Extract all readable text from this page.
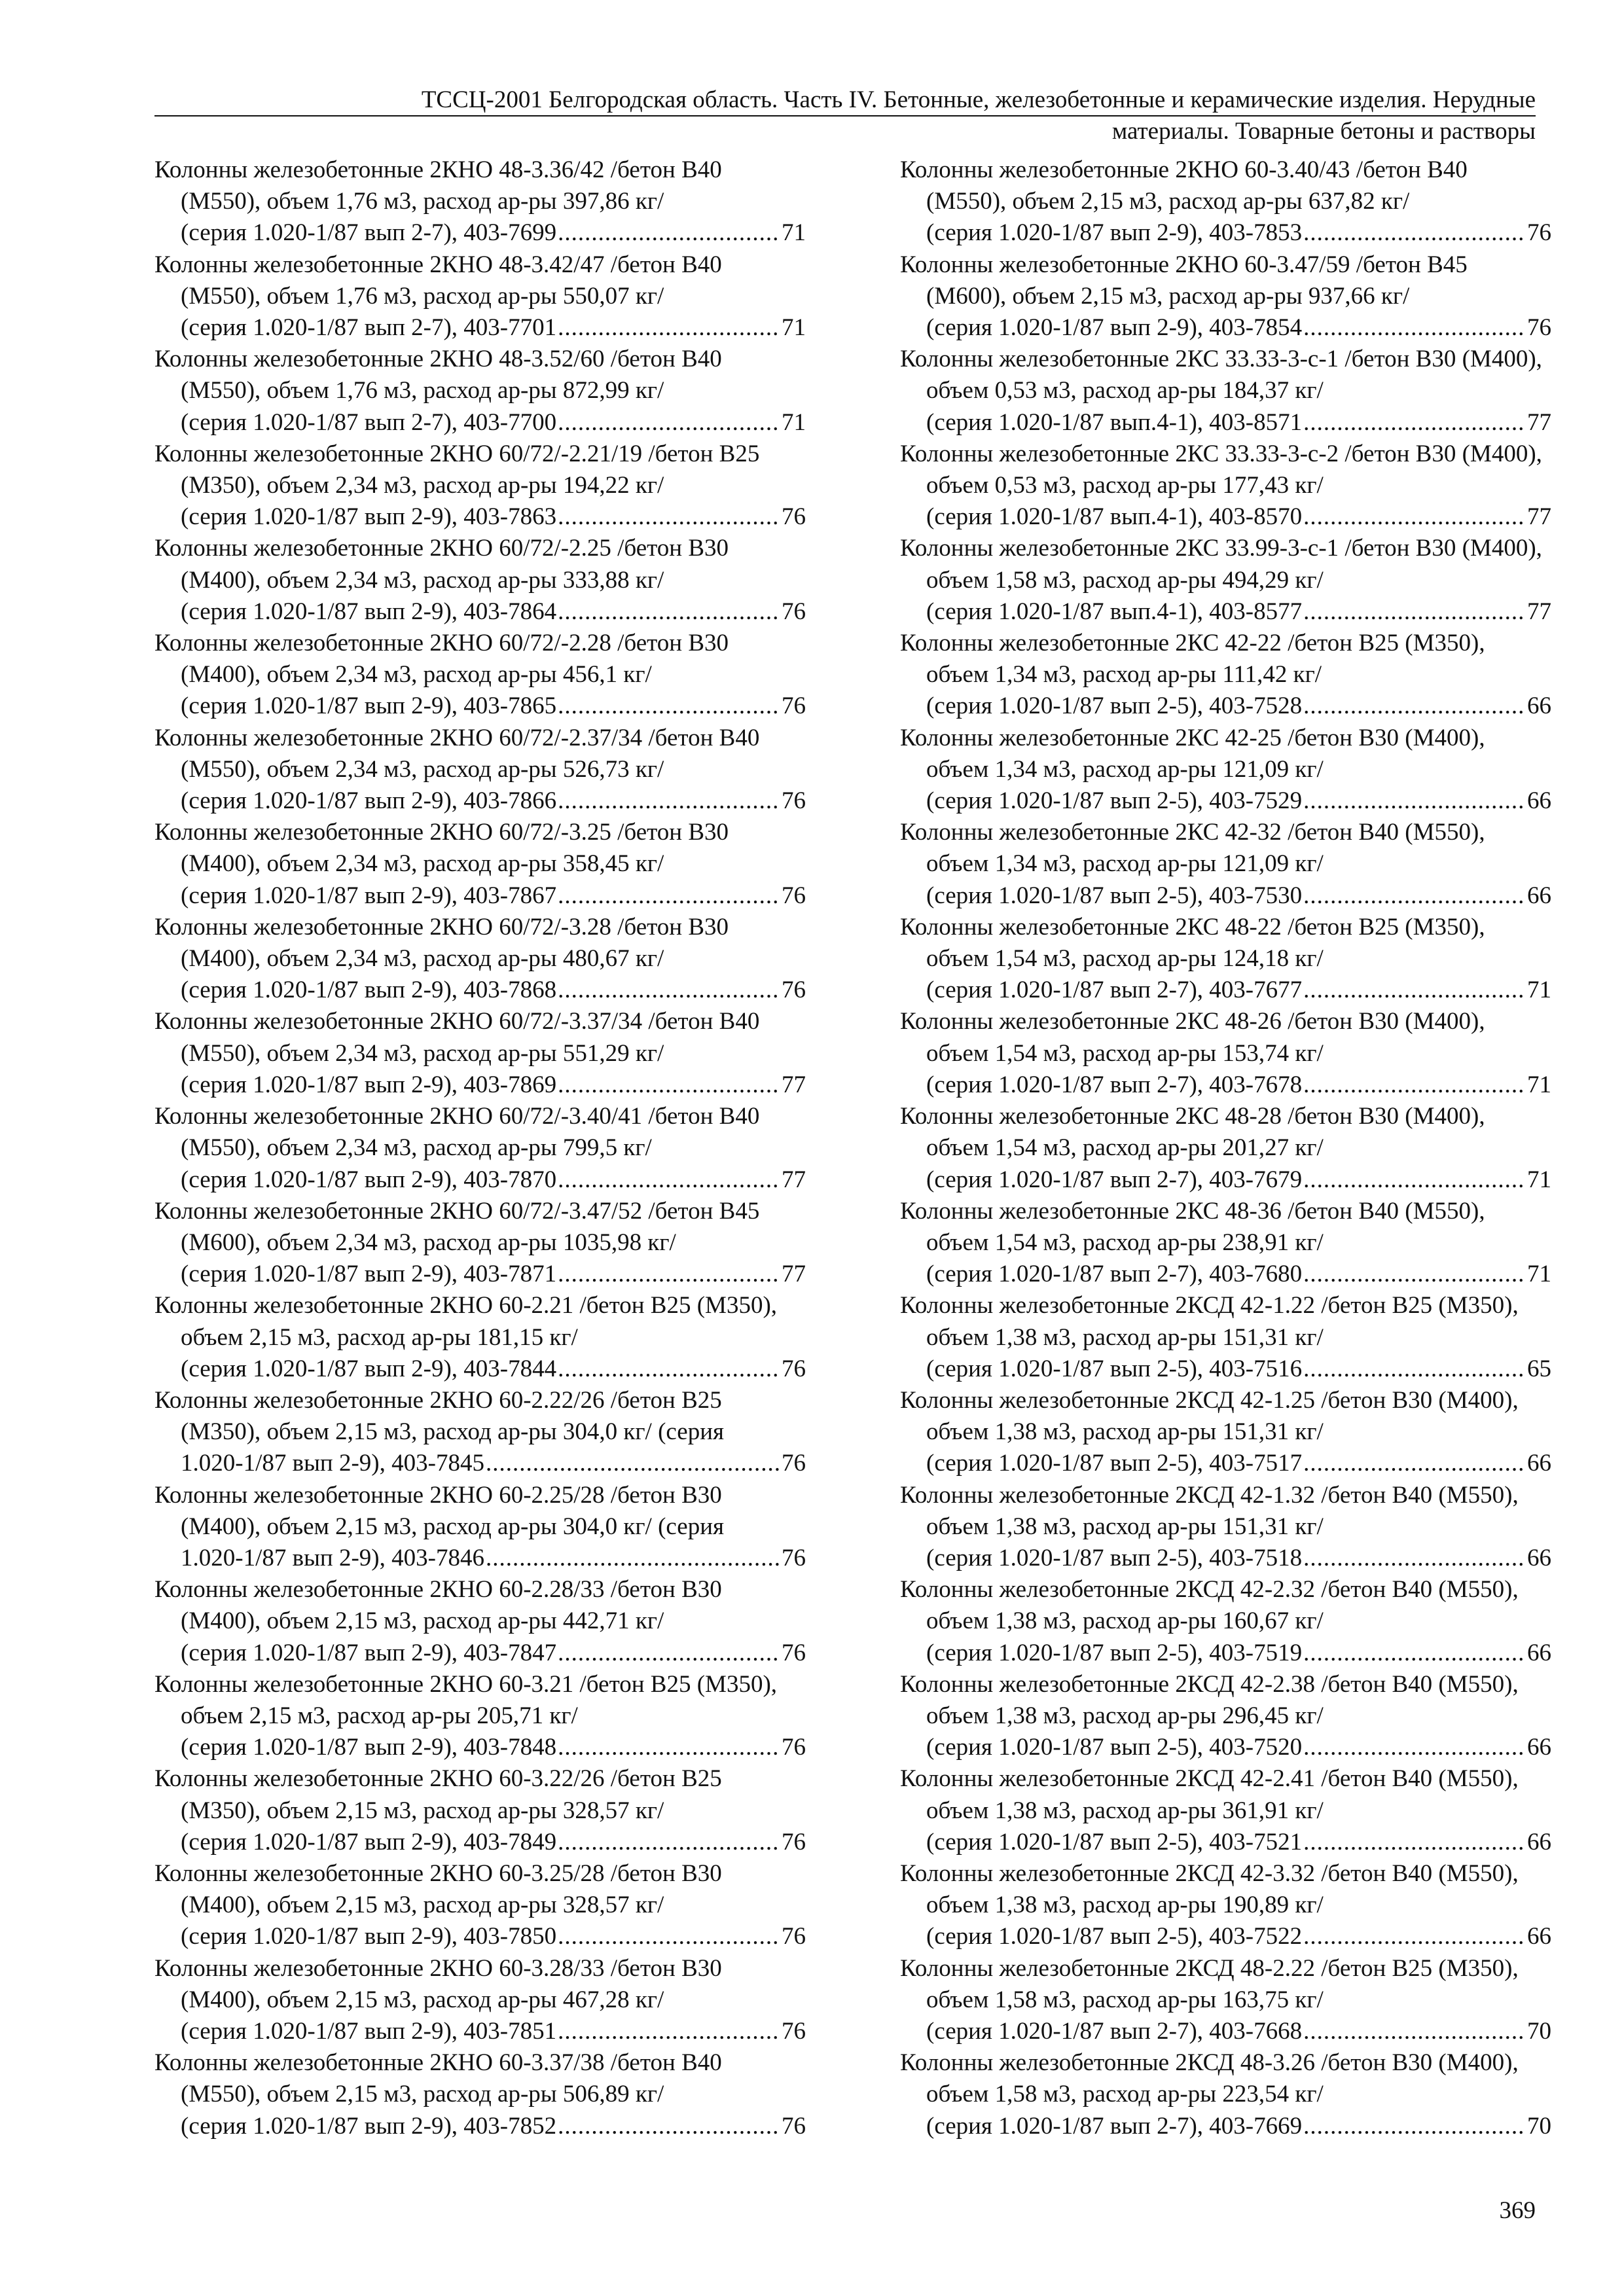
ТССЦ-2001 Белгородская область. Часть IV. Бетонные, железобетонные и керамические изделия. Нерудные
материалы. Товарные бетоны и растворы
Колонны железобетонные 2КНО 48-3.36/42 /бетон В40 (М550), объем 1,76 м3, расход ар-ры 397,86 кг/
(серия 1.020-1/87 вып 2-7), 403-7699 .....	71
Колонны железобетонные 2КНО 48-3.42/47 /бетон В40 (М550), объем 1,76 м3, расход ар-ры 550,07 кг/
(серия 1.020-1/87 вып 2-7), 403-7701 .....	71
Колонны железобетонные 2КНО 48-3.52/60 /бетон В40 (М550), объем 1,76 м3, расход ар-ры 872,99 кг/
(серия 1.020-1/87 вып 2-7), 403-7700 .....	71
Колонны железобетонные 2КНО 60/72/-2.21/19 /бетон В25 (М350), объем 2,34 м3, расход ар-ры 194,22 кг/
(серия 1.020-1/87 вып 2-9), 403-7863 .....	76
Колонны железобетонные 2КНО 60/72/-2.25 /бетон В30 (М400), объем 2,34 м3, расход ар-ры 333,88 кг/
(серия 1.020-1/87 вып 2-9), 403-7864 .....	76
Колонны железобетонные 2КНО 60/72/-2.28 /бетон В30 (М400), объем 2,34 м3, расход ар-ры 456,1 кг/
(серия 1.020-1/87 вып 2-9), 403-7865 .....	76
Колонны железобетонные 2КНО 60/72/-2.37/34 /бетон В40 (М550), объем 2,34 м3, расход ар-ры 526,73 кг/
(серия 1.020-1/87 вып 2-9), 403-7866 .....	76
Колонны железобетонные 2КНО 60/72/-3.25 /бетон В30 (М400), объем 2,34 м3, расход ар-ры 358,45 кг/
(серия 1.020-1/87 вып 2-9), 403-7867 .....	76
Колонны железобетонные 2КНО 60/72/-3.28 /бетон В30 (М400), объем 2,34 м3, расход ар-ры 480,67 кг/
(серия 1.020-1/87 вып 2-9), 403-7868 .....	76
Колонны железобетонные 2КНО 60/72/-3.37/34 /бетон В40 (М550), объем 2,34 м3, расход ар-ры 551,29 кг/
(серия 1.020-1/87 вып 2-9), 403-7869 .....	77
Колонны железобетонные 2КНО 60/72/-3.40/41 /бетон В40 (М550), объем 2,34 м3, расход ар-ры 799,5 кг/
(серия 1.020-1/87 вып 2-9), 403-7870 .....	77
Колонны железобетонные 2КНО 60/72/-3.47/52 /бетон В45 (М600), объем 2,34 м3, расход ар-ры 1035,98 кг/
(серия 1.020-1/87 вып 2-9), 403-7871 .....	77
Колонны железобетонные 2КНО 60-2.21 /бетон В25 (М350), объем 2,15 м3, расход ар-ры 181,15 кг/
(серия 1.020-1/87 вып 2-9), 403-7844 .....	76
Колонны железобетонные 2КНО 60-2.22/26 /бетон В25 (М350), объем 2,15 м3, расход ар-ры 304,0 кг/ (серия
1.020-1/87 вып 2-9), 403-7845 .....	76
Колонны железобетонные 2КНО 60-2.25/28 /бетон В30 (М400), объем 2,15 м3, расход ар-ры 304,0 кг/ (серия
1.020-1/87 вып 2-9), 403-7846 .....	76
Колонны железобетонные 2КНО 60-2.28/33 /бетон В30 (М400), объем 2,15 м3, расход ар-ры 442,71 кг/
(серия 1.020-1/87 вып 2-9), 403-7847 .....	76
Колонны железобетонные 2КНО 60-3.21 /бетон В25 (М350), объем 2,15 м3, расход ар-ры 205,71 кг/
(серия 1.020-1/87 вып 2-9), 403-7848 .....	76
Колонны железобетонные 2КНО 60-3.22/26 /бетон В25 (М350), объем 2,15 м3, расход ар-ры 328,57 кг/
(серия 1.020-1/87 вып 2-9), 403-7849 .....	76
Колонны железобетонные 2КНО 60-3.25/28 /бетон В30 (М400), объем 2,15 м3, расход ар-ры 328,57 кг/
(серия 1.020-1/87 вып 2-9), 403-7850 .....	76
Колонны железобетонные 2КНО 60-3.28/33 /бетон В30 (М400), объем 2,15 м3, расход ар-ры 467,28 кг/
(серия 1.020-1/87 вып 2-9), 403-7851 .....	76
Колонны железобетонные 2КНО 60-3.37/38 /бетон В40 (М550), объем 2,15 м3, расход ар-ры 506,89 кг/
(серия 1.020-1/87 вып 2-9), 403-7852 .....	76
Колонны железобетонные 2КНО 60-3.40/43 /бетон В40 (М550), объем 2,15 м3, расход ар-ры 637,82 кг/
(серия 1.020-1/87 вып 2-9), 403-7853 .....	76
Колонны железобетонные 2КНО 60-3.47/59 /бетон В45 (М600), объем 2,15 м3, расход ар-ры 937,66 кг/
(серия 1.020-1/87 вып 2-9), 403-7854 .....	76
Колонны железобетонные 2КС 33.33-3-с-1 /бетон В30 (М400), объем 0,53 м3, расход ар-ры 184,37 кг/
(серия 1.020-1/87 вып.4-1), 403-8571 .....	77
Колонны железобетонные 2КС 33.33-3-с-2 /бетон В30 (М400), объем 0,53 м3, расход ар-ры 177,43 кг/
(серия 1.020-1/87 вып.4-1), 403-8570 .....	77
Колонны железобетонные 2КС 33.99-3-с-1 /бетон В30 (М400), объем 1,58 м3, расход ар-ры 494,29 кг/
(серия 1.020-1/87 вып.4-1), 403-8577 .....	77
Колонны железобетонные 2КС 42-22 /бетон В25 (М350), объем 1,34 м3, расход ар-ры 111,42 кг/
(серия 1.020-1/87 вып 2-5), 403-7528 .....	66
Колонны железобетонные 2КС 42-25 /бетон В30 (М400), объем 1,34 м3, расход ар-ры 121,09 кг/
(серия 1.020-1/87 вып 2-5), 403-7529 .....	66
Колонны железобетонные 2КС 42-32 /бетон В40 (М550), объем 1,34 м3, расход ар-ры 121,09 кг/
(серия 1.020-1/87 вып 2-5), 403-7530 .....	66
Колонны железобетонные 2КС 48-22 /бетон В25 (М350), объем 1,54 м3, расход ар-ры 124,18 кг/
(серия 1.020-1/87 вып 2-7), 403-7677 .....	71
Колонны железобетонные 2КС 48-26 /бетон В30 (М400), объем 1,54 м3, расход ар-ры 153,74 кг/
(серия 1.020-1/87 вып 2-7), 403-7678 .....	71
Колонны железобетонные 2КС 48-28 /бетон В30 (М400), объем 1,54 м3, расход ар-ры 201,27 кг/
(серия 1.020-1/87 вып 2-7), 403-7679 .....	71
Колонны железобетонные 2КС 48-36 /бетон В40 (М550), объем 1,54 м3, расход ар-ры 238,91 кг/
(серия 1.020-1/87 вып 2-7), 403-7680 .....	71
Колонны железобетонные 2КСД 42-1.22 /бетон В25 (М350), объем 1,38 м3, расход ар-ры 151,31 кг/
(серия 1.020-1/87 вып 2-5), 403-7516 .....	65
Колонны железобетонные 2КСД 42-1.25 /бетон В30 (М400), объем 1,38 м3, расход ар-ры 151,31 кг/
(серия 1.020-1/87 вып 2-5), 403-7517 .....	66
Колонны железобетонные 2КСД 42-1.32 /бетон В40 (М550), объем 1,38 м3, расход ар-ры 151,31 кг/
(серия 1.020-1/87 вып 2-5), 403-7518 .....	66
Колонны железобетонные 2КСД 42-2.32 /бетон В40 (М550), объем 1,38 м3, расход ар-ры 160,67 кг/
(серия 1.020-1/87 вып 2-5), 403-7519 .....	66
Колонны железобетонные 2КСД 42-2.38 /бетон В40 (М550), объем 1,38 м3, расход ар-ры 296,45 кг/
(серия 1.020-1/87 вып 2-5), 403-7520 .....	66
Колонны железобетонные 2КСД 42-2.41 /бетон В40 (М550), объем 1,38 м3, расход ар-ры 361,91 кг/
(серия 1.020-1/87 вып 2-5), 403-7521 .....	66
Колонны железобетонные 2КСД 42-3.32 /бетон В40 (М550), объем 1,38 м3, расход ар-ры 190,89 кг/
(серия 1.020-1/87 вып 2-5), 403-7522 .....	66
Колонны железобетонные 2КСД 48-2.22 /бетон В25 (М350), объем 1,58 м3, расход ар-ры 163,75 кг/
(серия 1.020-1/87 вып 2-7), 403-7668 .....	70
Колонны железобетонные 2КСД 48-3.26 /бетон В30 (М400), объем 1,58 м3, расход ар-ры 223,54 кг/
(серия 1.020-1/87 вып 2-7), 403-7669 .....	70
369
